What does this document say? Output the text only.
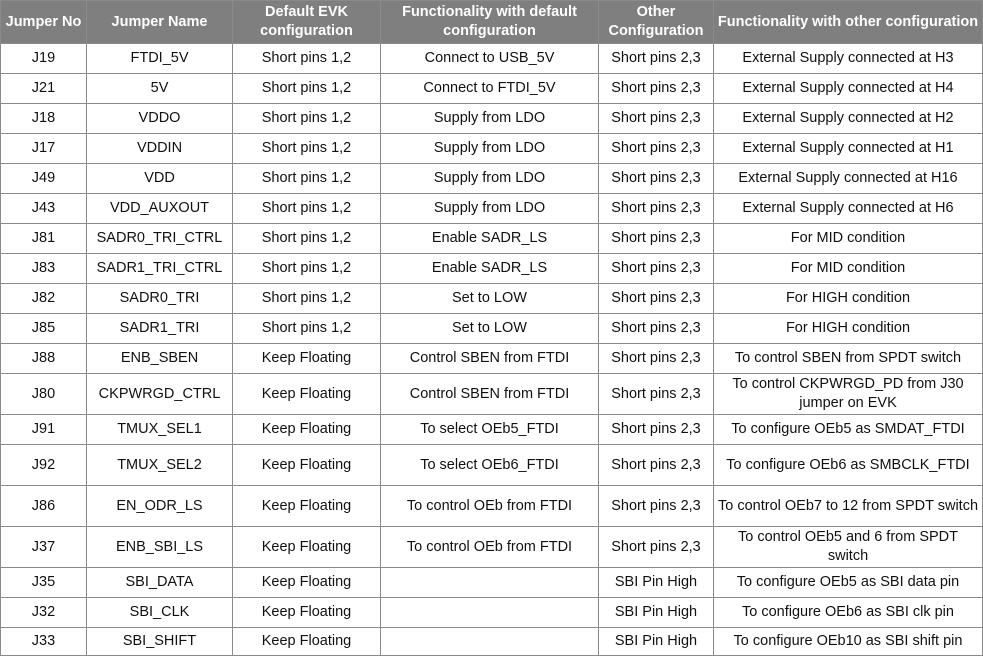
Jumper No	Jumper Name	Default EVK configuration	Functionality with default configuration	Other Configuration	Functionality with other configuration
J19	FTDI_5V	Short pins 1,2	Connect to USB_5V	Short pins 2,3	External Supply connected at H3
J21	5V	Short pins 1,2	Connect to FTDI_5V	Short pins 2,3	External Supply connected at H4
J18	VDDO	Short pins 1,2	Supply from LDO	Short pins 2,3	External Supply connected at H2
J17	VDDIN	Short pins 1,2	Supply from LDO	Short pins 2,3	External Supply connected at H1
J49	VDD	Short pins 1,2	Supply from LDO	Short pins 2,3	External Supply connected at H16
J43	VDD_AUXOUT	Short pins 1,2	Supply from LDO	Short pins 2,3	External Supply connected at H6
J81	SADR0_TRI_CTRL	Short pins 1,2	Enable SADR_LS	Short pins 2,3	For MID condition
J83	SADR1_TRI_CTRL	Short pins 1,2	Enable SADR_LS	Short pins 2,3	For MID condition
J82	SADR0_TRI	Short pins 1,2	Set to LOW	Short pins 2,3	For HIGH condition
J85	SADR1_TRI	Short pins 1,2	Set to LOW	Short pins 2,3	For HIGH condition
J88	ENB_SBEN	Keep Floating	Control SBEN from FTDI	Short pins 2,3	To control SBEN from SPDT switch
J80	CKPWRGD_CTRL	Keep Floating	Control SBEN from FTDI	Short pins 2,3	To control CKPWRGD_PD from J30 jumper on EVK
J91	TMUX_SEL1	Keep Floating	To select OEb5_FTDI	Short pins 2,3	To configure OEb5 as SMDAT_FTDI
J92	TMUX_SEL2	Keep Floating	To select OEb6_FTDI	Short pins 2,3	To configure OEb6 as SMBCLK_FTDI
J86	EN_ODR_LS	Keep Floating	To control OEb from FTDI	Short pins 2,3	To control OEb7 to 12 from SPDT switch
J37	ENB_SBI_LS	Keep Floating	To control OEb from FTDI	Short pins 2,3	To control OEb5 and 6 from SPDT switch
J35	SBI_DATA	Keep Floating		SBI Pin High	To configure OEb5 as SBI data pin
J32	SBI_CLK	Keep Floating		SBI Pin High	To configure OEb6 as SBI clk pin
J33	SBI_SHIFT	Keep Floating		SBI Pin High	To configure OEb10 as SBI shift pin
